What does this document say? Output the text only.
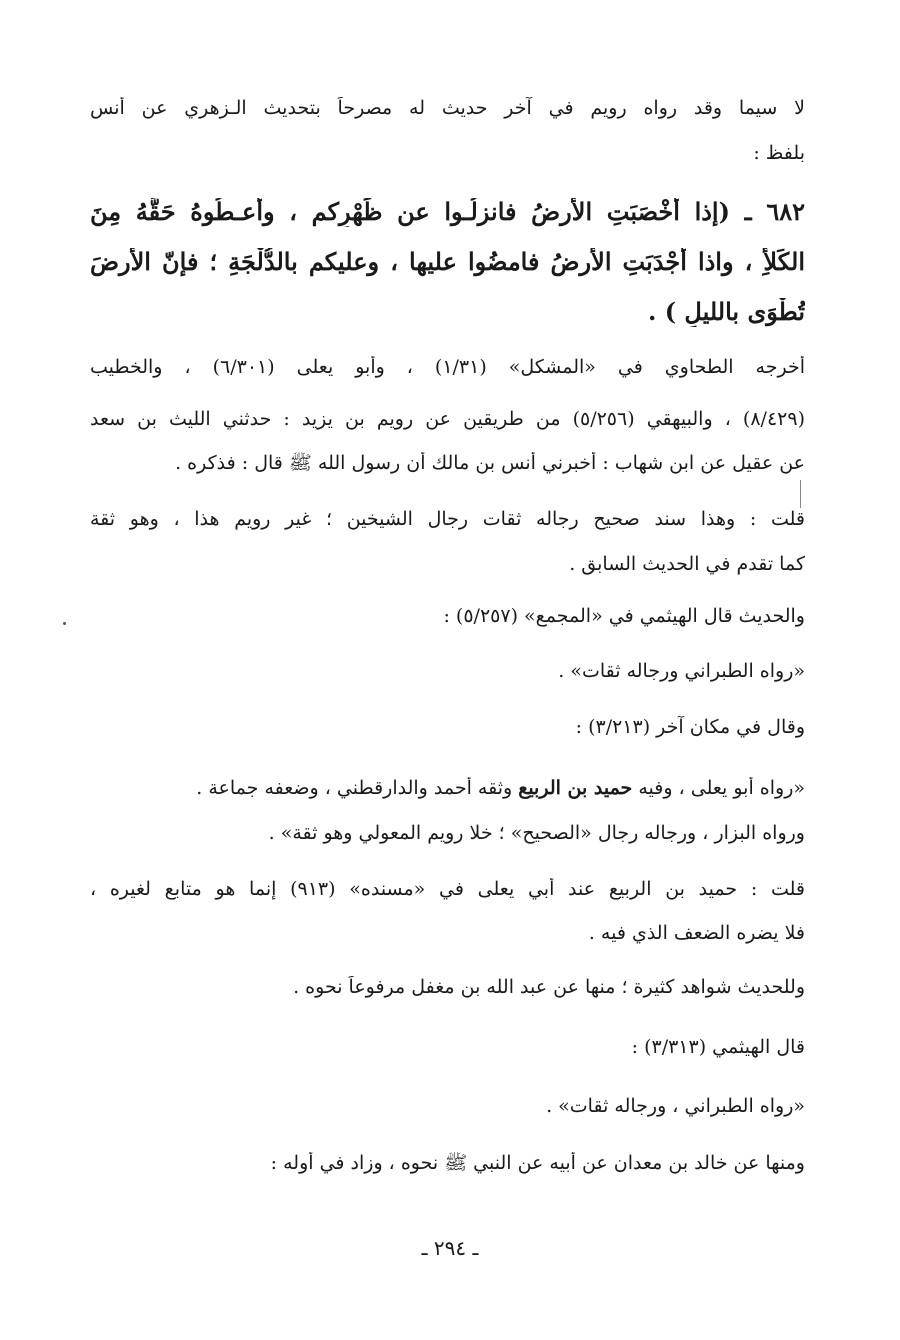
لا سيما وقد رواه رويم في آخر حديث له مصرحاً بتحديث الـزهري عن أنس
بلفظ :
٦٨٢ ـ (إذا أخْصَبَتِ الأرضُ فانزلُـوا عن ظَهْرِكم ، وأعـطُوهُ حَقَّهُ مِنَ
الكَلأِ ، واذا أجْدَبَتِ الأرضُ فامضُوا عليها ، وعليكم بالدُّلْجَةِ ؛ فإنّ الأرضَ
تُطْوَى بالليلِ ) .
أخرجه الطحاوي في «المشكل» (١/٣١) ، وأبو يعلى (٦/٣٠١) ، والخطيب
(٨/٤٢٩) ، والبيهقي (٥/٢٥٦) من طريقين عن رويم بن يزيد : حدثني الليث بن سعد
عن عقيل عن ابن شهاب : أخبرني أنس بن مالك أن رسول الله ﷺ قال : فذكره .
قلت : وهذا سند صحيح رجاله ثقات رجال الشيخين ؛ غير رويم هذا ، وهو ثقة
كما تقدم في الحديث السابق .
والحديث قال الهيثمي في «المجمع» (٥/٢٥٧) :
«رواه الطبراني ورجاله ثقات» .
وقال في مكان آخر (٣/٢١٣) :
«رواه أبو يعلى ، وفيه حميد بن الربيع وثقه أحمد والدارقطني ، وضعفه جماعة .
ورواه البزار ، ورجاله رجال «الصحيح» ؛ خلا رويم المعولي وهو ثقة» .
قلت : حميد بن الربيع عند أبي يعلى في «مسنده» (٩١٣) إنما هو متابع لغيره ،
فلا يضره الضعف الذي فيه .
وللحديث شواهد كثيرة ؛ منها عن عبد الله بن مغفل مرفوعاً نحوه .
قال الهيثمي (٣/٣١٣) :
«رواه الطبراني ، ورجاله ثقات» .
ومنها عن خالد بن معدان عن أبيه عن النبي ﷺ نحوه ، وزاد في أوله :
ـ ٢٩٤ ـ
